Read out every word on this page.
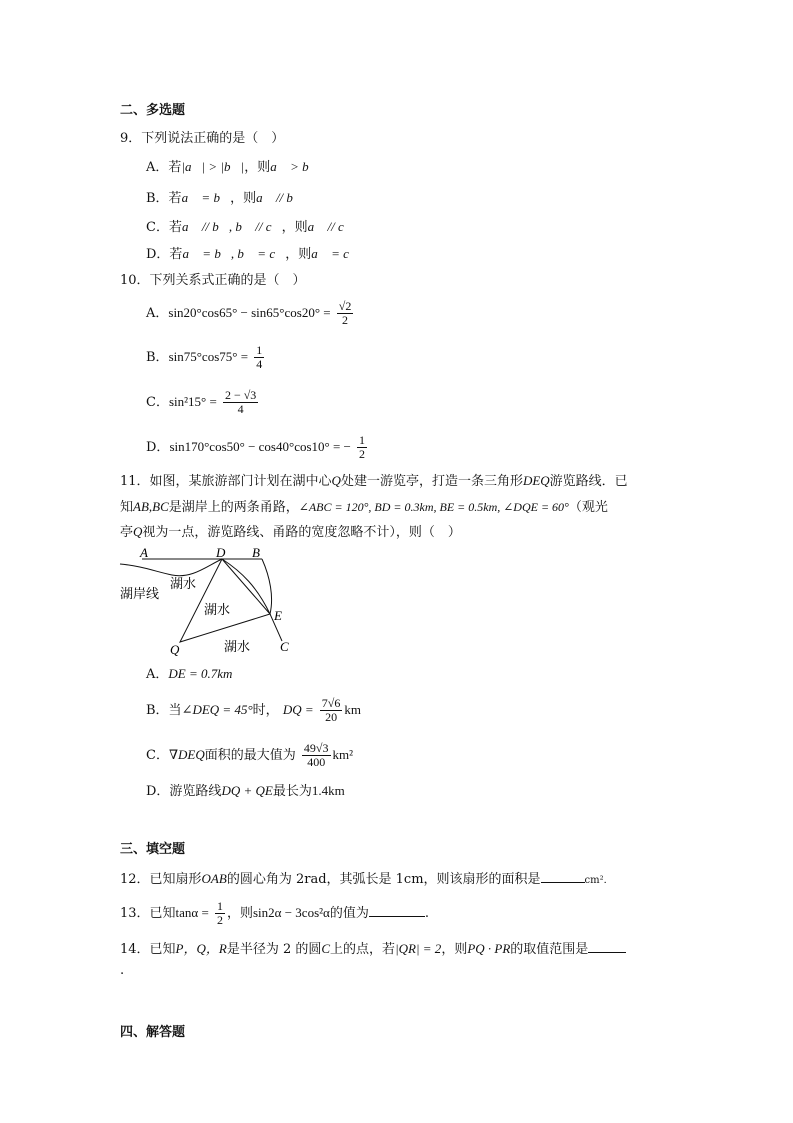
二、多选题
9．下列说法正确的是（　）
A．若|a⃗| > |b⃗|，则a⃗ > b⃗
B．若a⃗ = b⃗，则a⃗ // b⃗
C．若a⃗ // b⃗, b⃗ // c⃗，则a⃗ // c⃗
D．若a⃗ = b⃗, b⃗ = c⃗，则a⃗ = c⃗
10．下列关系式正确的是（　）
A．$\sin 20^\circ\cos 65^\circ - \sin 65^\circ\cos 20^\circ = \frac{√2}{2}$
B．$\sin 75^\circ\cos 75^\circ = \frac{1}{4}$
C．$\sin^215^\circ = \frac{2 - √3}{4}$
D．sin170°cos50° − cos40°cos10° = − $\frac{1}{2}$
11．如图，某旅游部门计划在湖中心Q处建一游览亭，打造一条三角形DEQ游览路线．已
知AB,BC是湖岸上的两条甬路，∠ABC = 120°, BD = 0.3km, BE = 0.5km, ∠DQE = 60°（观光
亭Q视为一点，游览路线、甬路的宽度忽略不计），则（　）
A	D B
E
C
Q
湖岸线
湖水
湖水
湖水
A．DE = 0.7km
B．当∠DEQ = 45°时， DQ = $\frac{7√6}{20}$ km
C．∇DEQ面积的最大值为 $\frac{49√3}{400} km^2$
D．游览路线DQ + QE最长为1.4km
三、填空题
12．已知扇形OAB的圆心角为 2rad，其弧长是 1cm，则该扇形的面积是	cm²．
13．已知$\tan\alpha = \frac{1}{2}$ ，则sin2α − 3cos²α的值为	.
14．已知P，Q，R是半径为 2 的圆C上的点，若|QR| = 2，则PQ · PR的取值范围是
.
四、解答题
